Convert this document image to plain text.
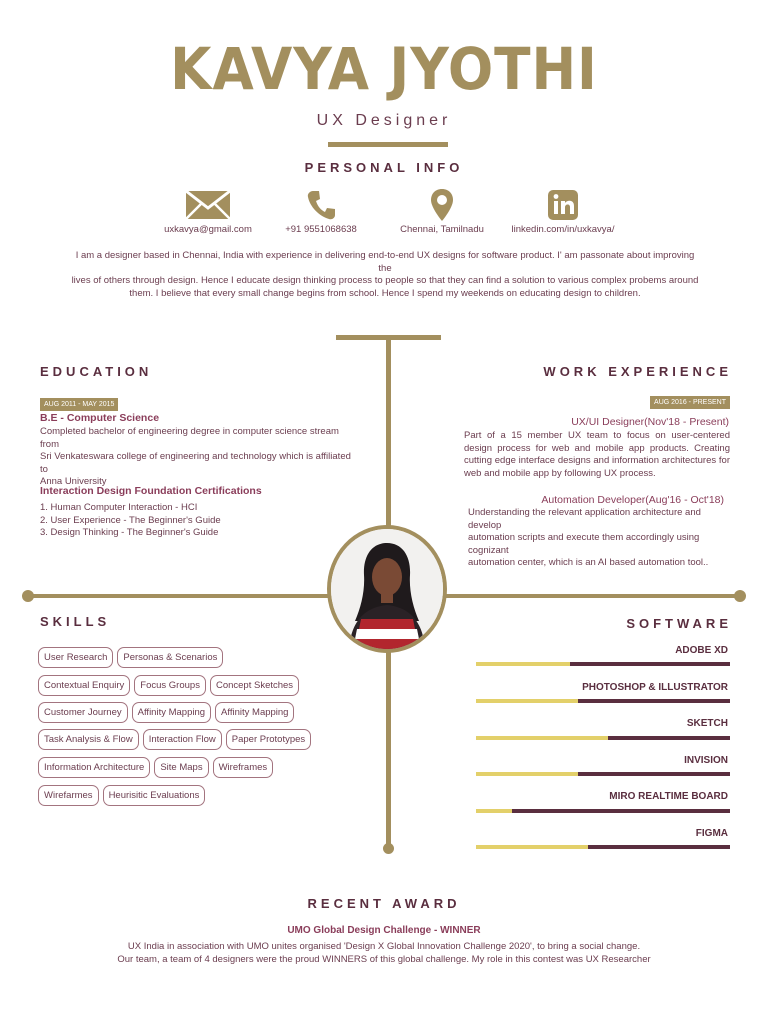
KAVYA JYOTHI
UX Designer
PERSONAL INFO
uxkavya@gmail.com	+91 9551068638	Chennai, Tamilnadu	linkedin.com/in/uxkavya/
I am a designer based in Chennai, India with experience in delivering end-to-end UX designs for software product. I' am passonate about improving the
lives of others through design. Hence I educate design thinking process to people so that they can find a solution to various complex probems around
them. I believe that every small change begins from school. Hence I spend my weekends on educating design to children.
EDUCATION
AUG 2011 - MAY 2015
B.E - Computer Science
Completed bachelor of engineering degree in computer science stream from
Sri Venkateswara college of engineering and technology which is affiliated to
Anna University
Interaction Design Foundation Certifications
1. Human Computer Interaction - HCI
2. User Experience - The Beginner's Guide
3. Design Thinking - The Beginner's Guide
WORK EXPERIENCE
AUG 2016 - PRESENT
UX/UI Designer(Nov'18 - Present)
Part of a 15 member UX team to focus on user-centered design process for web and mobile app products. Creating cutting edge interface designs and information architectures for web and mobile app by following UX process.
Automation Developer(Aug'16 - Oct'18)
Understanding the relevant application architecture and develop
automation scripts and execute them accordingly using cognizant
automation center, which is an AI based automation tool..
SKILLS
User Research	Personas & Scenarios
Contextual Enquiry	Focus Groups	Concept Sketches
Customer Journey	Affinity Mapping	Affinity Mapping
Task Analysis & Flow	Interaction Flow	Paper Prototypes
Information Architecture	Site Maps	Wireframes
Wirefarmes	Heurisitic Evaluations
SOFTWARE
ADOBE XD
PHOTOSHOP & ILLUSTRATOR
SKETCH
INVISION
MIRO REALTIME BOARD
FIGMA
RECENT AWARD
UMO Global Design Challenge - WINNER
UX India in association with UMO unites organised 'Design X Global Innovation Challenge 2020', to bring a social change.
Our team, a team of 4 designers were the proud WINNERS of this global challenge. My role in this contest was UX Researcher
